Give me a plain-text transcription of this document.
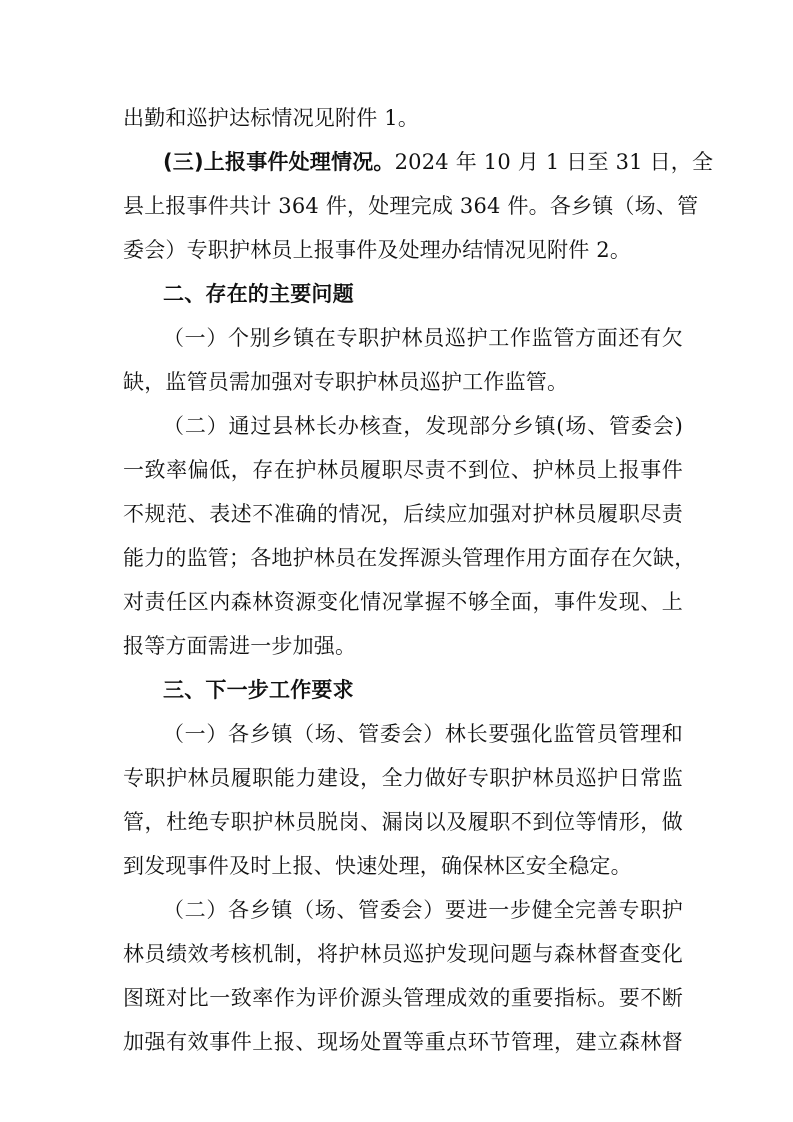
出勤和巡护达标情况见附件 1。
(三)上报事件处理情况。2024 年 10 月 1 日至 31 日，全
县上报事件共计 364 件，处理完成 364 件。各乡镇（场、管
委会）专职护林员上报事件及处理办结情况见附件 2。
二、存在的主要问题
（一）个别乡镇在专职护林员巡护工作监管方面还有欠
缺，监管员需加强对专职护林员巡护工作监管。
（二）通过县林长办核查，发现部分乡镇(场、管委会)
一致率偏低，存在护林员履职尽责不到位、护林员上报事件
不规范、表述不准确的情况，后续应加强对护林员履职尽责
能力的监管；各地护林员在发挥源头管理作用方面存在欠缺，
对责任区内森林资源变化情况掌握不够全面，事件发现、上
报等方面需进一步加强。
三、下一步工作要求
（一）各乡镇（场、管委会）林长要强化监管员管理和
专职护林员履职能力建设，全力做好专职护林员巡护日常监
管，杜绝专职护林员脱岗、漏岗以及履职不到位等情形，做
到发现事件及时上报、快速处理，确保林区安全稳定。
（二）各乡镇（场、管委会）要进一步健全完善专职护
林员绩效考核机制，将护林员巡护发现问题与森林督查变化
图斑对比一致率作为评价源头管理成效的重要指标。要不断
加强有效事件上报、现场处置等重点环节管理，建立森林督
